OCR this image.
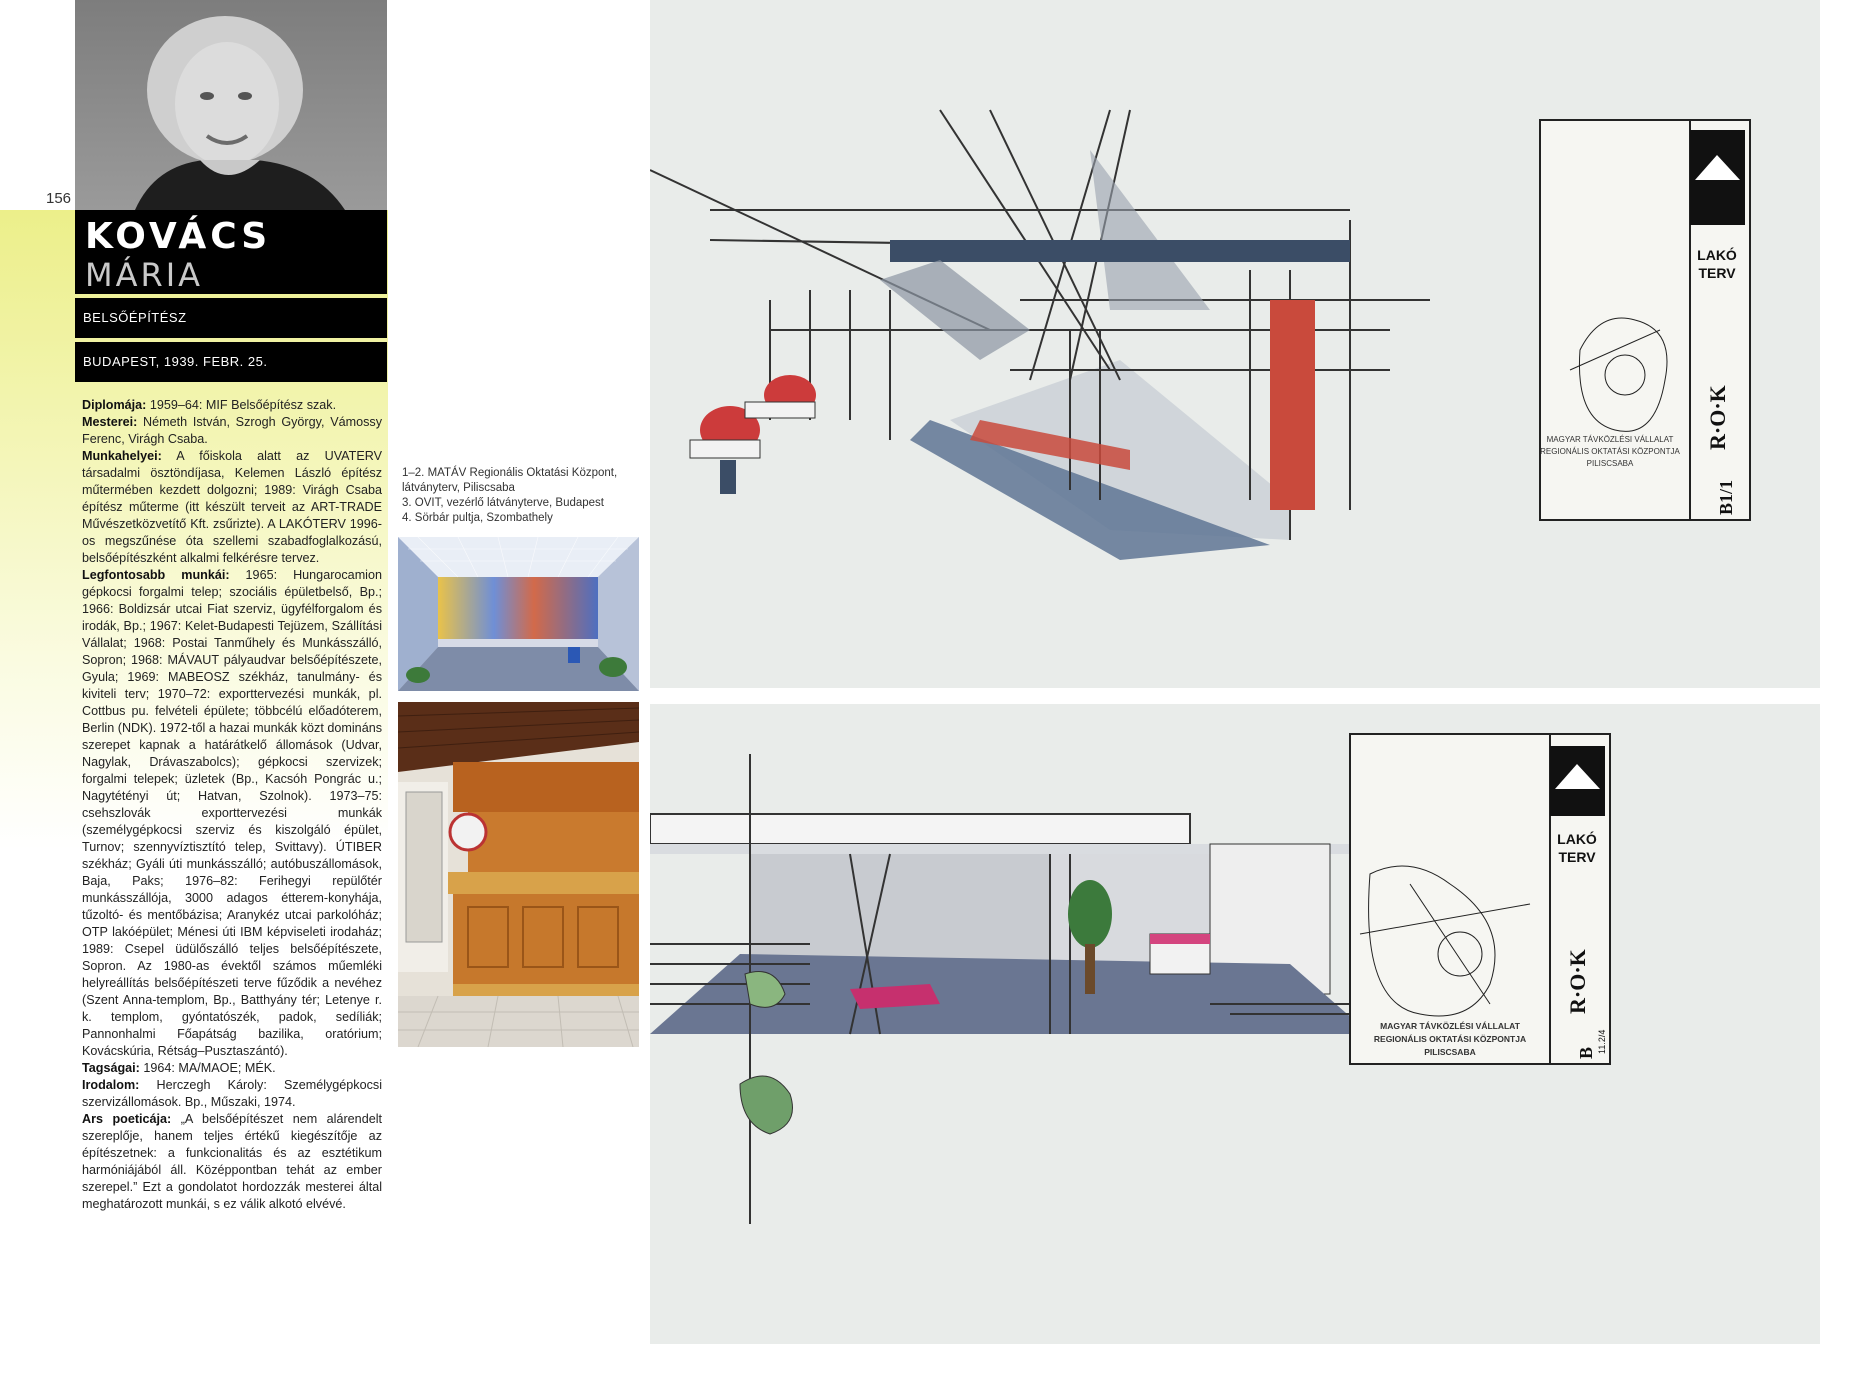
156
KOVÁCS
MÁRIA
BELSŐÉPÍTÉSZ
BUDAPEST, 1939. FEBR. 25.

Diplomája: 1959–64: MIF Belsőépítész szak.

Mesterei: Németh István, Szrogh György, Vámossy Ferenc, Virágh Csaba.

Munkahelyei: A főiskola alatt az UVATERV társadalmi ösztöndíjasa, Kelemen László építész műtermében kezdett dolgozni; 1989: Virágh Csaba építész műterme (itt készült terveit az ART-TRADE Művészetközvetítő Kft. zsűrizte). A LAKÓTERV 1996-os megszűnése óta szellemi szabadfoglalkozású, belsőépítészként alkalmi felkérésre tervez.

Legfontosabb munkái: 1965: Hungarocamion gépkocsi forgalmi telep; szociális épületbelső, Bp.; 1966: Boldizsár utcai Fiat szerviz, ügyfélforgalom és irodák, Bp.; 1967: Kelet-Budapesti Tejüzem, Szállítási Vállalat; 1968: Postai Tanműhely és Munkásszálló, Sopron; 1968: MÁVAUT pályaudvar belsőépítészete, Gyula; 1969: MABEOSZ székház, tanulmány- és kiviteli terv; 1970–72: exporttervezési munkák, pl. Cottbus pu. felvételi épülete; többcélú előadóterem, Berlin (NDK). 1972-től a hazai munkák közt domináns szerepet kapnak a határátkelő állomások (Udvar, Nagylak, Drávaszabolcs); gépkocsi szervizek; forgalmi telepek; üzletek (Bp., Kacsóh Pongrác u.; Nagytétényi út; Hatvan, Szolnok). 1973–75: csehszlovák exporttervezési munkák (személygépkocsi szerviz és kiszolgáló épület, Turnov; szennyvíztisztító telep, Svittavy). ÚTIBER székház; Gyáli úti munkásszálló; autóbuszállomások, Baja, Paks; 1976–82: Ferihegyi repülőtér munkásszállója, 3000 adagos étterem-konyhája, tűzoltó- és mentőbázisa; Aranykéz utcai parkolóház; OTP lakóépület; Ménesi úti IBM képviseleti irodaház; 1989: Csepel üdülőszálló teljes belsőépítészete, Sopron. Az 1980-as évektől számos műemléki helyreállítás belsőépítészeti terve fűződik a nevéhez (Szent Anna-templom, Bp., Batthyány tér; Letenye r. k. templom, gyóntatószék, padok, sedíliák; Pannonhalmi Főapátság bazilika, oratórium; Kovácskúria, Rétság–Pusztaszántó).

Tagságai: 1964: MA/MAOE; MÉK.

Irodalom: Herczegh Károly: Személygépkocsi szervizállomások. Bp., Műszaki, 1974.

Ars poeticája: „A belsőépítészet nem alárendelt szereplője, hanem teljes értékű kiegészítője az építészetnek: a funkcionalitás és az esztétikum harmóniájából áll. Középpontban tehát az ember szerepel.” Ezt a gondolatot hordozzák mesterei által meghatározott munkái, s ez válik alkotó elvévé.

1–2. MATÁV Regionális Oktatási Központ,
látványterv, Piliscsaba
3. OVIT, vezérlő látványterve, Budapest
4. Sörbár pultja, Szombathely
LAKÓ
TERV
R·O·K
B1/1
MAGYAR TÁVKÖZLÉSI VÁLLALAT
REGIONÁLIS OKTATÁSI KÖZPONTJA
PILISCSABA
LAKÓ
TERV
R·O·K
B 11.2/4
MAGYAR TÁVKÖZLÉSI VÁLLALAT
REGIONÁLIS OKTATÁSI KÖZPONTJA
PILISCSABA
